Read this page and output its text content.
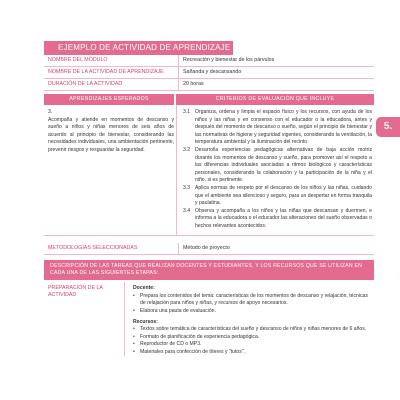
EJEMPLO DE ACTIVIDAD DE APRENDIZAJE
NOMBRE DEL MÓDULO	Recreación y bienestar de los párvulos
NOMBRE DE LA ACTIVIDAD DE APRENDIZAJE	Sañanda y descansando
DURACIÓN DE LA ACTIVIDAD	20 horas
APRENDIZAJES ESPERADOS	CRITERIOS DE EVALUACIÓN QUE INCLUYE
3.
Acompaña y atiende en momentos de descanso y sueño a niños y niñas menores de seis años de acuerdo al principio de bienestar, considerando las necesidades individuales, una ambientación pertinente, prevenir riesgos y resguardar la seguridad.
3.1 Organiza, ordena y limpia el espacio físico y los recursos, con ayuda de los niños y las niñas y en consenso con el educador o la educadora, antes y después del momento de descanso o sueño, según el principio de bienestar y las normativas de higiene y seguridad vigentes, considerando la ventilación, la temperatura ambiental y la iluminación del recinto.
3.2 Desarrolla experiencias pedagógicas alternativas de baja acción motriz durante los momentos de descanso y sueño, para promover así el respeto a las diferencias individuales asociadas a ritmos biológicos y características personales, considerando la colaboración y la participación de la niña y el niño, si es pertinente.
3.3 Aplica normas de respeto por el descanso de los niños y las niñas, cuidando que el ambiente sea silencioso y seguro, para un despertar en forma tranquila y paulatina.
3.4 Observa y acompaña a los niños y las niñas que descansan y duermen, e informa a la educadora o el educador las alteraciones del sueño observadas o hechos relevantes acontecidos.
METODOLOGÍAS SELECCIONADAS	Método de proyecto
DESCRIPCIÓN DE LAS TAREAS QUE REALIZAN DOCENTES Y ESTUDIANTES, Y LOS RECURSOS QUE SE UTILIZAN EN CADA UNA DE LAS SIGUIENTES ETAPAS:
PREPARACIÓN DE LA ACTIVIDAD
Docente:
•	Prepara los contenidos del tema: características de los momentos de descanso y relajación, técnicas de relajación para niños y niñas, y recursos de apoyo necesarios.
•	Elabora una pauta de evaluación.
Recursos:
•	Textos sobre temática de características del sueño y descanso de niños y niñas menores de 6 años.
•	Formato de planificación de experiencia pedagógica.
•	Reproductor de CD o MP3.
•	Materiales para confección de títeres y "tutos".
5.
